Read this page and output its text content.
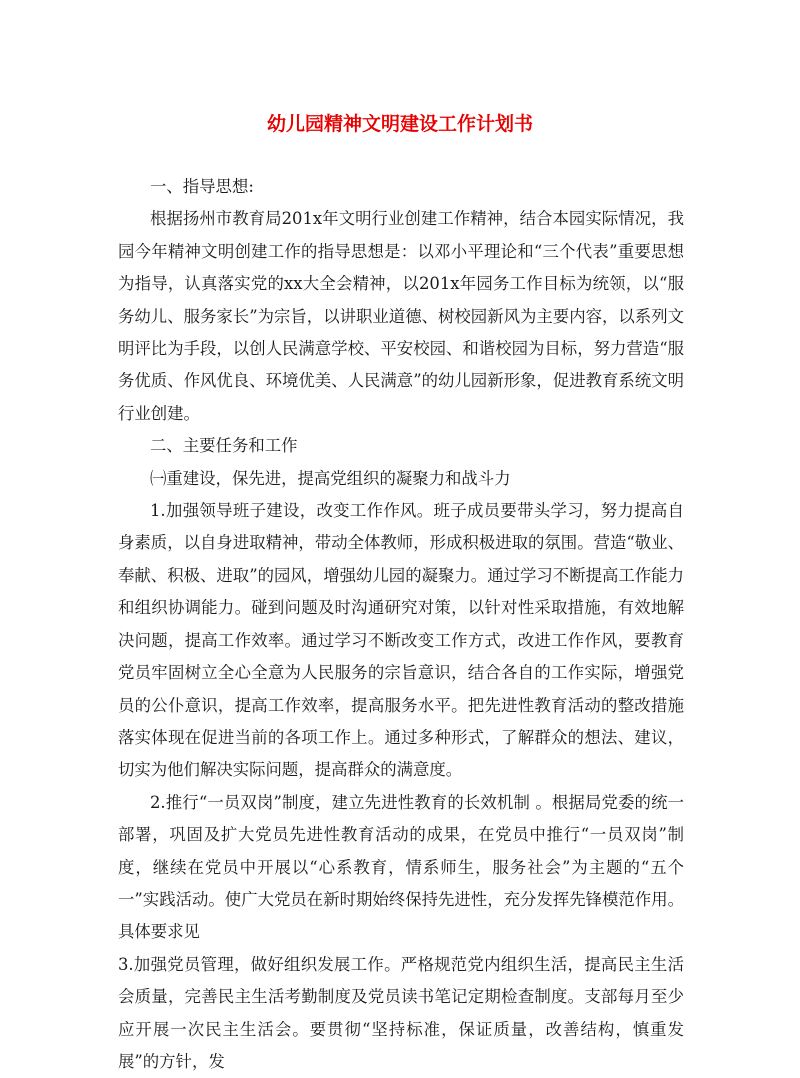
幼儿园精神文明建设工作计划书

一、指导思想:

根据扬州市教育局201x年文明行业创建工作精神，结合本园实际情况，我园今年精神文明创建工作的指导思想是：以邓小平理论和“三个代表”重要思想为指导，认真落实党的xx大全会精神，以201x年园务工作目标为统领，以“服务幼儿、服务家长”为宗旨，以讲职业道德、树校园新风为主要内容，以系列文明评比为手段，以创人民满意学校、平安校园、和谐校园为目标，努力营造“服务优质、作风优良、环境优美、人民满意”的幼儿园新形象，促进教育系统文明行业创建。

二、主要任务和工作

㈠重建设，保先进，提高党组织的凝聚力和战斗力

1.加强领导班子建设，改变工作作风。班子成员要带头学习，努力提高自身素质，以自身进取精神，带动全体教师，形成积极进取的氛围。营造“敬业、奉献、积极、进取”的园风，增强幼儿园的凝聚力。通过学习不断提高工作能力和组织协调能力。碰到问题及时沟通研究对策，以针对性采取措施，有效地解决问题，提高工作效率。通过学习不断改变工作方式，改进工作作风，要教育党员牢固树立全心全意为人民服务的宗旨意识，结合各自的工作实际，增强党员的公仆意识，提高工作效率，提高服务水平。把先进性教育活动的整改措施落实体现在促进当前的各项工作上。通过多种形式，了解群众的想法、建议，切实为他们解决实际问题，提高群众的满意度。

2.推行“一员双岗”制度，建立先进性教育的长效机制 。根据局党委的统一部署，巩固及扩大党员先进性教育活动的成果，在党员中推行“一员双岗”制度，继续在党员中开展以“心系教育，情系师生，服务社会”为主题的“五个一”实践活动。使广大党员在新时期始终保持先进性，充分发挥先锋模范作用。具体要求见

3.加强党员管理，做好组织发展工作。严格规范党内组织生活，提高民主生活会质量，完善民主生活考勤制度及党员读书笔记定期检查制度。支部每月至少应开展一次民主生活会。要贯彻“坚持标准，保证质量，改善结构，慎重发展”的方针，发
